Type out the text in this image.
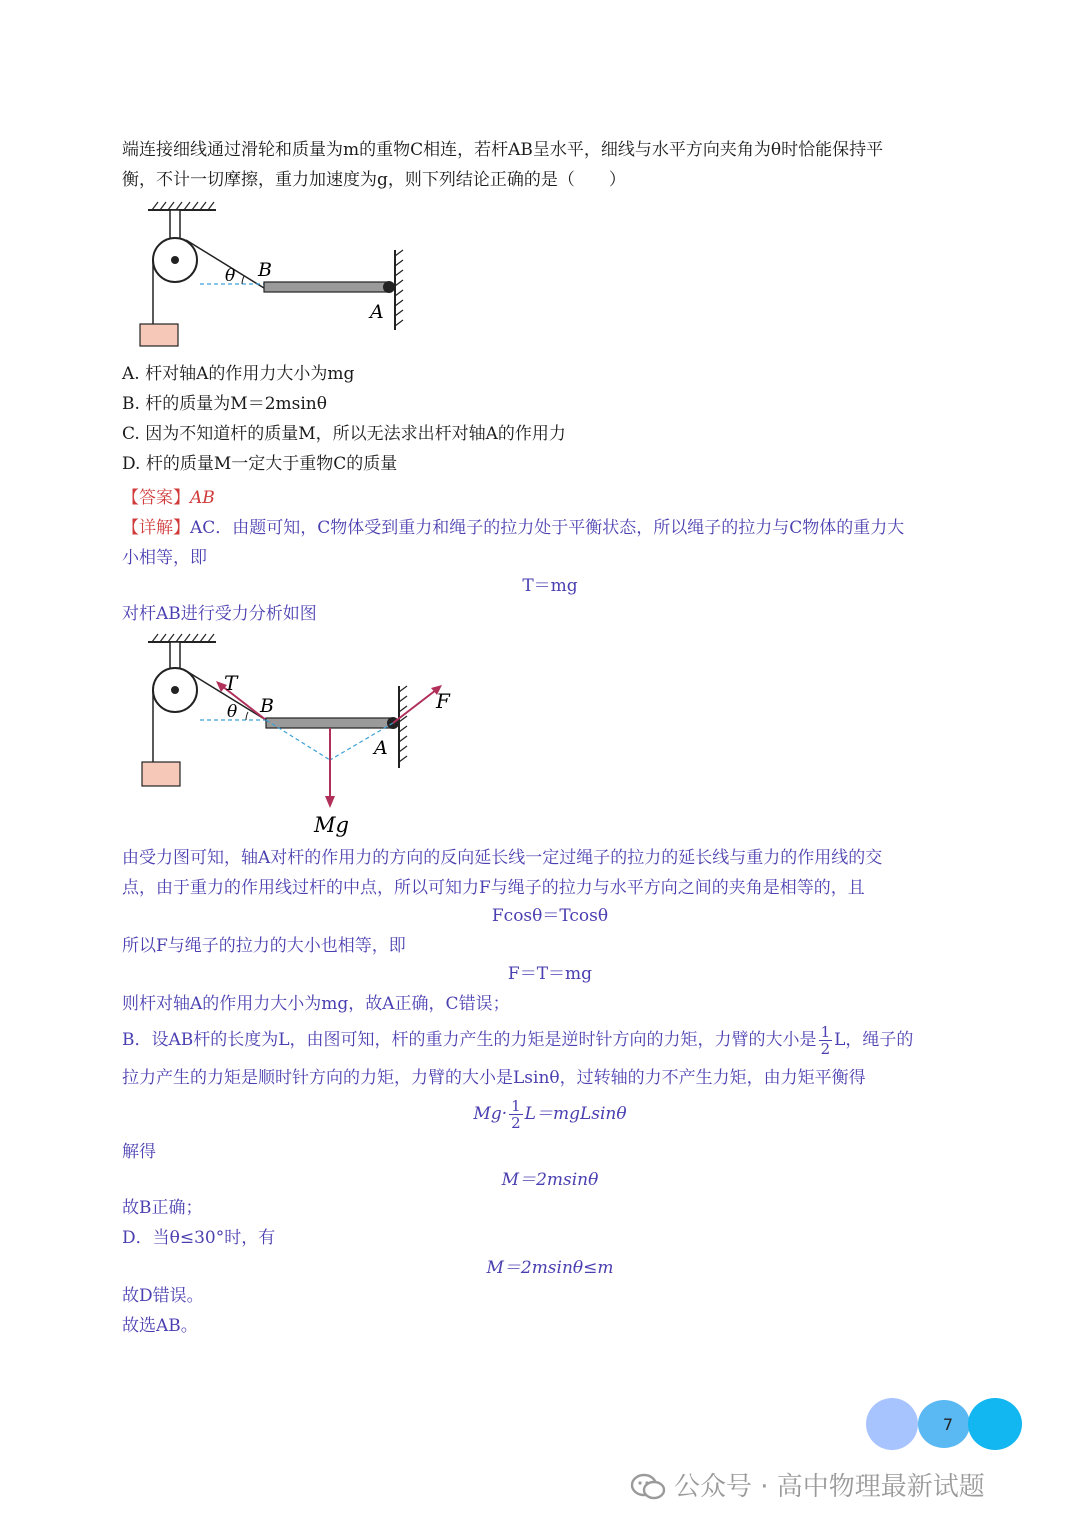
端连接细线通过滑轮和质量为m的重物C相连，若杆AB呈水平，细线与水平方向夹角为θ时恰能保持平
衡，不计一切摩擦，重力加速度为g，则下列结论正确的是（　　）
θ B
A
A. 杆对轴A的作用力大小为mg
B. 杆的质量为M＝2msinθ
C. 因为不知道杆的质量M，所以无法求出杆对轴A的作用力
D. 杆的质量M一定大于重物C的质量
【答案】AB
【详解】AC．由题可知，C物体受到重力和绳子的拉力处于平衡状态，所以绳子的拉力与C物体的重力大
小相等，即
T＝mg
对杆AB进行受力分析如图
T
θ B	F
A
Mg
由受力图可知，轴A对杆的作用力的方向的反向延长线一定过绳子的拉力的延长线与重力的作用线的交
点，由于重力的作用线过杆的中点，所以可知力F与绳子的拉力与水平方向之间的夹角是相等的，且
Fcosθ＝Tcosθ
所以F与绳子的拉力的大小也相等，即
F＝T＝mg
则杆对轴A的作用力大小为mg，故A正确，C错误；
B．设AB杆的长度为L，由图可知，杆的重力产生的力矩是逆时针方向的力矩，力臂的大小是 $\frac{1}{2}$ L，绳子的
拉力产生的力矩是顺时针方向的力矩，力臂的大小是Lsinθ，过转轴的力不产生力矩，由力矩平衡得
$Mg\cdot \frac{1}{2} L=mgLsin\theta$
解得
M＝2msinθ
故B正确；
D．当θ≤30°时，有
M＝2msinθ≤m
故D错误。
故选AB。
7
公众号 · 高中物理最新试题
